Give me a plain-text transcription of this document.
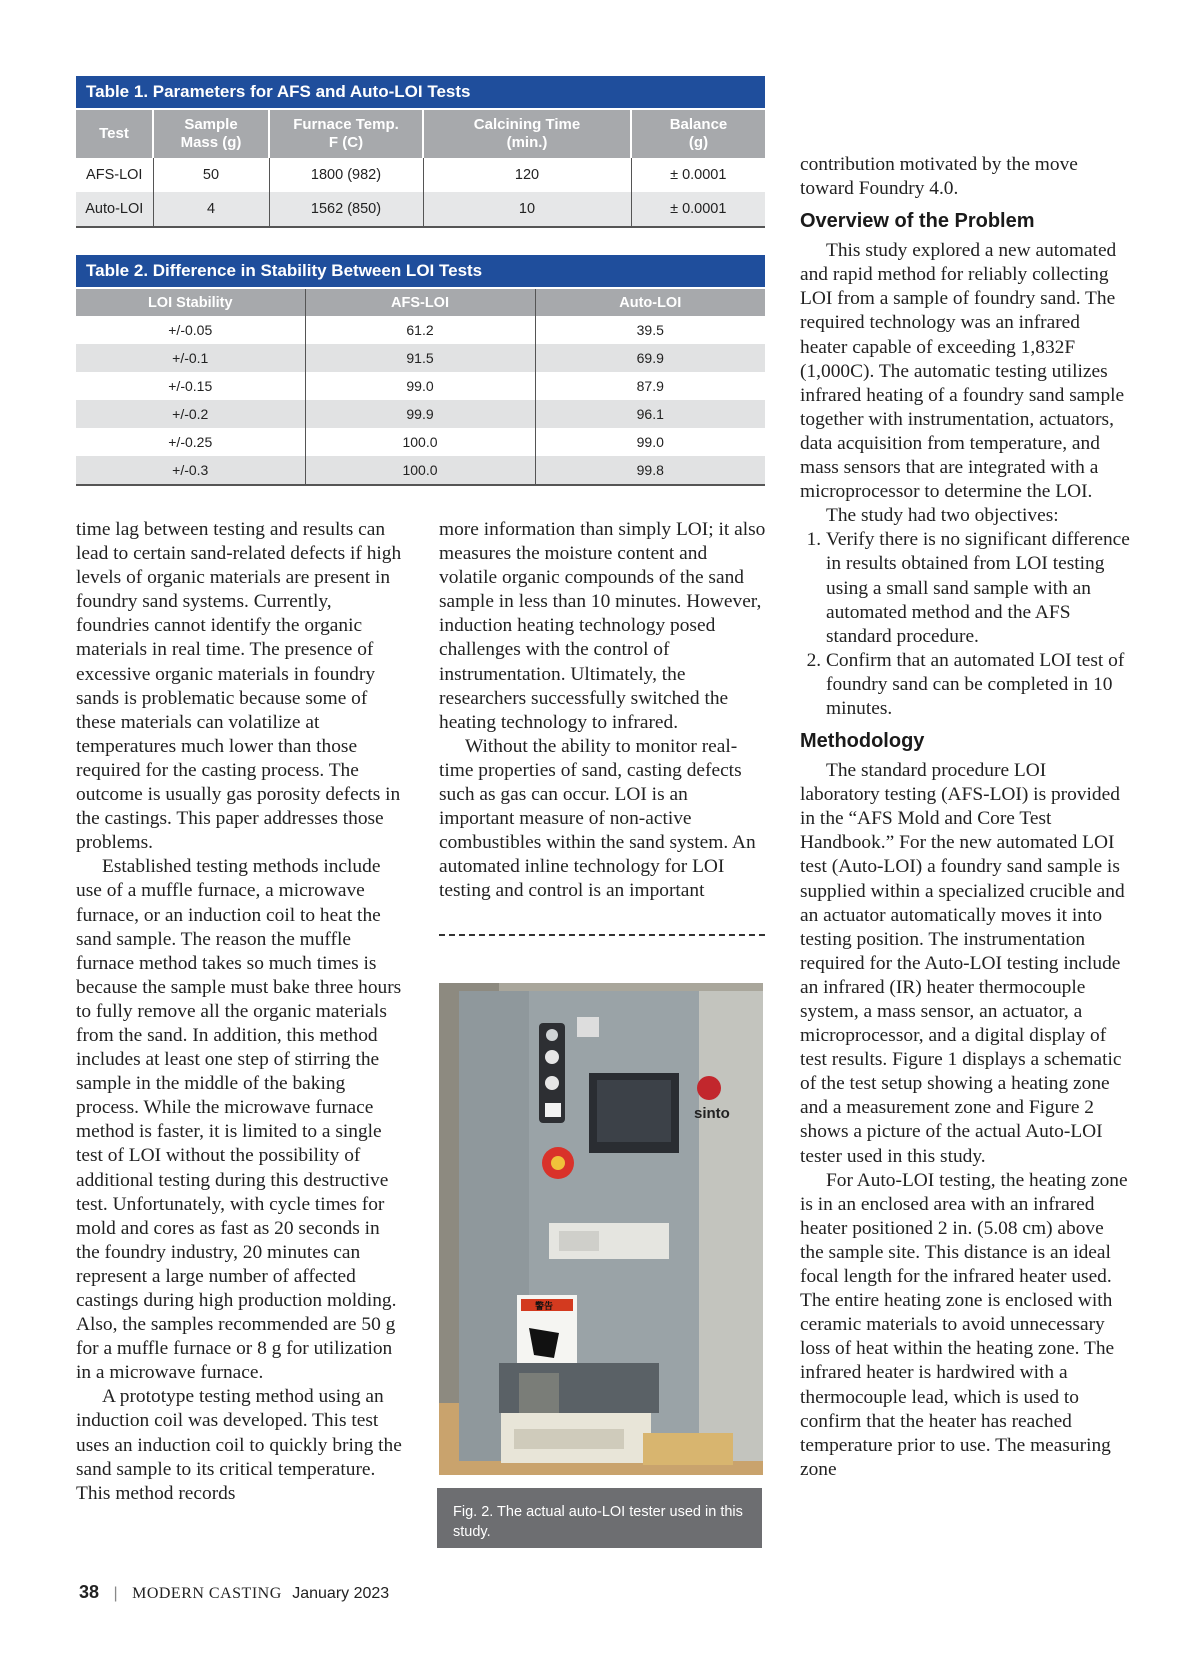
Table 1. Parameters for AFS and Auto-LOI Tests
Test	Sample Mass (g)	Furnace Temp. F (C)	Calcining Time (min.)	Balance (g)
AFS-LOI	50	1800 (982)	120	± 0.0001
Auto-LOI	4	1562 (850)	10	± 0.0001
Table 2. Difference in Stability Between LOI Tests
LOI Stability	AFS-LOI	Auto-LOI
+/-0.05	61.2	39.5
+/-0.1	91.5	69.9
+/-0.15	99.0	87.9
+/-0.2	99.9	96.1
+/-0.25	100.0	99.0
+/-0.3	100.0	99.8

time lag between testing and results can lead to certain sand-related defects if high levels of organic materials are present in foundry sand systems. Currently, foundries cannot identify the organic materials in real time. The presence of excessive organic materials in foundry sands is problematic because some of these materials can volatilize at temperatures much lower than those required for the casting process. The outcome is usually gas porosity defects in the castings. This paper addresses those problems.

Established testing methods include use of a muffle furnace, a microwave furnace, or an induction coil to heat the sand sample. The reason the muffle furnace method takes so much times is because the sample must bake three hours to fully remove all the organic materials from the sand. In addition, this method includes at least one step of stirring the sample in the middle of the baking process. While the microwave furnace method is faster, it is limited to a single test of LOI without the possibility of additional testing during this destructive test. Unfortunately, with cycle times for mold and cores as fast as 20 seconds in the foundry industry, 20 minutes can represent a large number of affected castings during high production molding. Also, the samples recommended are 50 g for a muffle furnace or 8 g for utilization in a microwave furnace.

A prototype testing method using an induction coil was developed. This test uses an induction coil to quickly bring the sand sample to its critical temperature. This method records

more information than simply LOI; it also measures the moisture content and volatile organic compounds of the sand sample in less than 10 minutes. However, induction heating technology posed challenges with the control of instrumentation. Ultimately, the researchers successfully switched the heating technology to infrared.

Without the ability to monitor real-time properties of sand, casting defects such as gas can occur. LOI is an important measure of non-active combustibles within the sand system. An automated inline technology for LOI testing and control is an important

sinto
警告
Fig. 2. The actual auto-LOI tester used in this study.

contribution motivated by the move toward Foundry 4.0.

Overview of the Problem

This study explored a new automated and rapid method for reliably collecting LOI from a sample of foundry sand. The required technology was an infrared heater capable of exceeding 1,832F (1,000C). The automatic testing utilizes infrared heating of a foundry sand sample together with instrumentation, actuators, data acquisition from temperature, and mass sensors that are integrated with a microprocessor to determine the LOI.

The study had two objectives:

1. Verify there is no significant difference in results obtained from LOI testing using a small sand sample with an automated method and the AFS standard procedure.
2. Confirm that an automated LOI test of foundry sand can be completed in 10 minutes.
Methodology

The standard procedure LOI laboratory testing (AFS-LOI) is provided in the “AFS Mold and Core Test Handbook.” For the new automated LOI test (Auto-LOI) a foundry sand sample is supplied within a specialized crucible and an actuator automatically moves it into testing position. The instrumentation required for the Auto-LOI testing include an infrared (IR) heater thermocouple system, a mass sensor, an actuator, a microprocessor, and a digital display of test results. Figure 1 displays a schematic of the test setup showing a heating zone and a measurement zone and Figure 2 shows a picture of the actual Auto-LOI tester used in this study.

For Auto-LOI testing, the heating zone is in an enclosed area with an infrared heater positioned 2 in. (5.08 cm) above the sample site. This distance is an ideal focal length for the infrared heater used. The entire heating zone is enclosed with ceramic materials to avoid unnecessary loss of heat within the heating zone. The infrared heater is hardwired with a thermocouple lead, which is used to confirm that the heater has reached temperature prior to use. The measuring zone

38 | MODERN CASTING January 2023
